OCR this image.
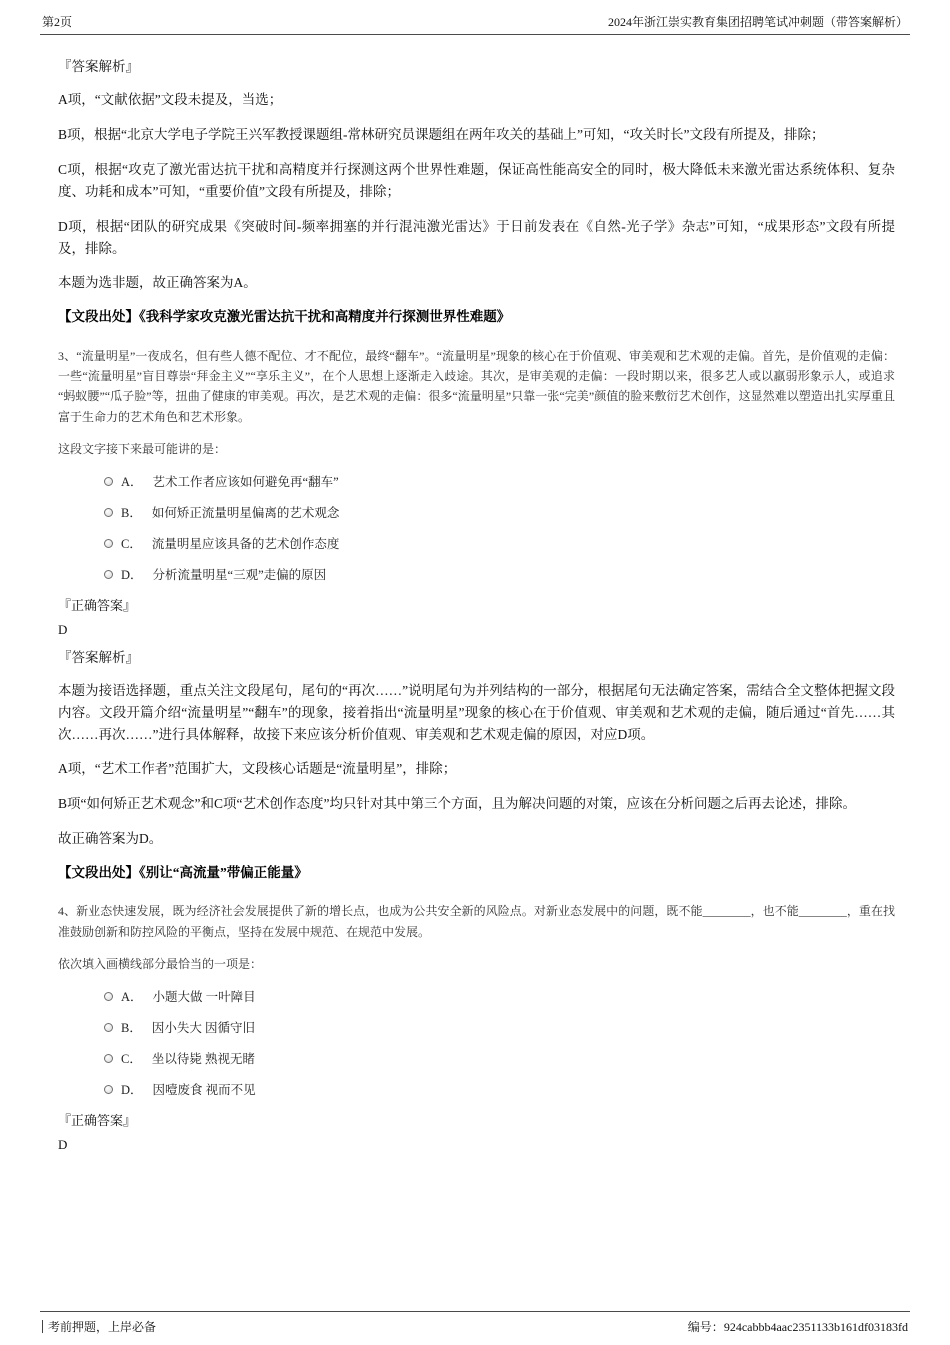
第2页	2024年浙江崇实教育集团招聘笔试冲刺题（带答案解析）

『答案解析』

A项，“文献依据”文段未提及，当选；

B项，根据“北京大学电子学院王兴军教授课题组-常林研究员课题组在两年攻关的基础上”可知，“攻关时长”文段有所提及，排除；

C项，根据“攻克了激光雷达抗干扰和高精度并行探测这两个世界性难题，保证高性能高安全的同时，极大降低未来激光雷达系统体积、复杂度、功耗和成本”可知，“重要价值”文段有所提及，排除；

D项，根据“团队的研究成果《突破时间-频率拥塞的并行混沌激光雷达》于日前发表在《自然-光子学》杂志”可知，“成果形态”文段有所提及，排除。

本题为选非题，故正确答案为A。

【文段出处】《我科学家攻克激光雷达抗干扰和高精度并行探测世界性难题》

3、“流量明星”一夜成名，但有些人德不配位、才不配位，最终“翻车”。“流量明星”现象的核心在于价值观、审美观和艺术观的走偏。首先，是价值观的走偏：一些“流量明星”盲目尊崇“拜金主义”“享乐主义”，在个人思想上逐渐走入歧途。其次，是审美观的走偏：一段时期以来，很多艺人或以羸弱形象示人，或追求“蚂蚁腰”“瓜子脸”等，扭曲了健康的审美观。再次，是艺术观的走偏：很多“流量明星”只靠一张“完美”颜值的脸来敷衍艺术创作，这显然难以塑造出扎实厚重且富于生命力的艺术角色和艺术形象。

这段文字接下来最可能讲的是：

A． 艺术工作者应该如何避免再“翻车”
B． 如何矫正流量明星偏离的艺术观念
C． 流量明星应该具备的艺术创作态度
D． 分析流量明星“三观”走偏的原因

『正确答案』

D

『答案解析』

本题为接语选择题，重点关注文段尾句，尾句的“再次……”说明尾句为并列结构的一部分，根据尾句无法确定答案，需结合全文整体把握文段内容。文段开篇介绍“流量明星”“翻车”的现象，接着指出“流量明星”现象的核心在于价值观、审美观和艺术观的走偏，随后通过“首先……其次……再次……”进行具体解释，故接下来应该分析价值观、审美观和艺术观走偏的原因，对应D项。

A项，“艺术工作者”范围扩大，文段核心话题是“流量明星”，排除；

B项“如何矫正艺术观念”和C项“艺术创作态度”均只针对其中第三个方面，且为解决问题的对策，应该在分析问题之后再去论述，排除。

故正确答案为D。

【文段出处】《别让“高流量”带偏正能量》

4、新业态快速发展，既为经济社会发展提供了新的增长点，也成为公共安全新的风险点。对新业态发展中的问题，既不能________，也不能________，重在找准鼓励创新和防控风险的平衡点，坚持在发展中规范、在规范中发展。

依次填入画横线部分最恰当的一项是：

A． 小题大做 一叶障目
B． 因小失大 因循守旧
C． 坐以待毙 熟视无睹
D． 因噎废食 视而不见

『正确答案』

D

考前押题，上岸必备	编号：924cabbb4aac2351133b161df03183fd
